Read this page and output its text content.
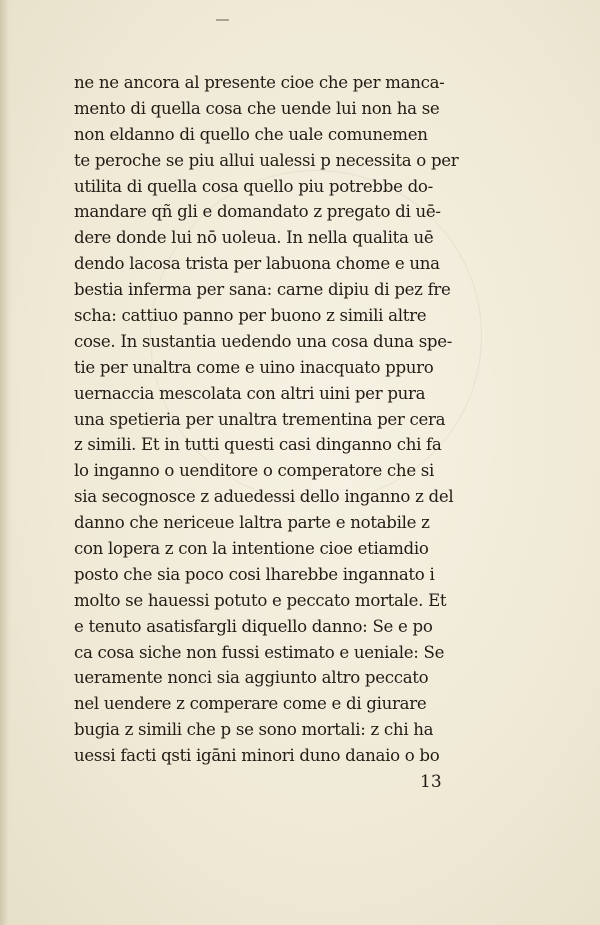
ne ne ancora al presente cioe che per manca-
mento di quella cosa che uende lui non ha se
non eldanno di quello che uale comunemen
te peroche se piu allui ualessi p necessita o per
utilita di quella cosa quello piu potrebbe do-
mandare qñ gli e domandato z pregato di uē-
dere donde lui nō uoleua. In nella qualita uē
dendo lacosa trista per labuona chome e una
bestia inferma per sana: carne dipiu di pez fre
scha: cattiuo panno per buono z simili altre
cose. In sustantia uedendo una cosa duna spe-
tie per unaltra come e uino inacquato ppuro
uernaccia mescolata con altri uini per pura
una spetieria per unaltra trementina per cera
z simili. Et in tutti questi casi dinganno chi fa
lo inganno o uenditore o comperatore che si
sia secognosce z aduedessi dello inganno z del
danno che nericeue laltra parte e notabile z
con lopera z con la intentione cioe etiamdio
posto che sia poco cosi lharebbe ingannato i
molto se hauessi potuto e peccato mortale. Et
e tenuto asatisfargli diquello danno: Se e po
ca cosa siche non fussi estimato e ueniale: Se
ueramente nonci sia aggiunto altro peccato
nel uendere z comperare come e di giurare
bugia z simili che p se sono mortali: z chi ha
uessi facti qsti igāni minori duno danaio o bo
13
